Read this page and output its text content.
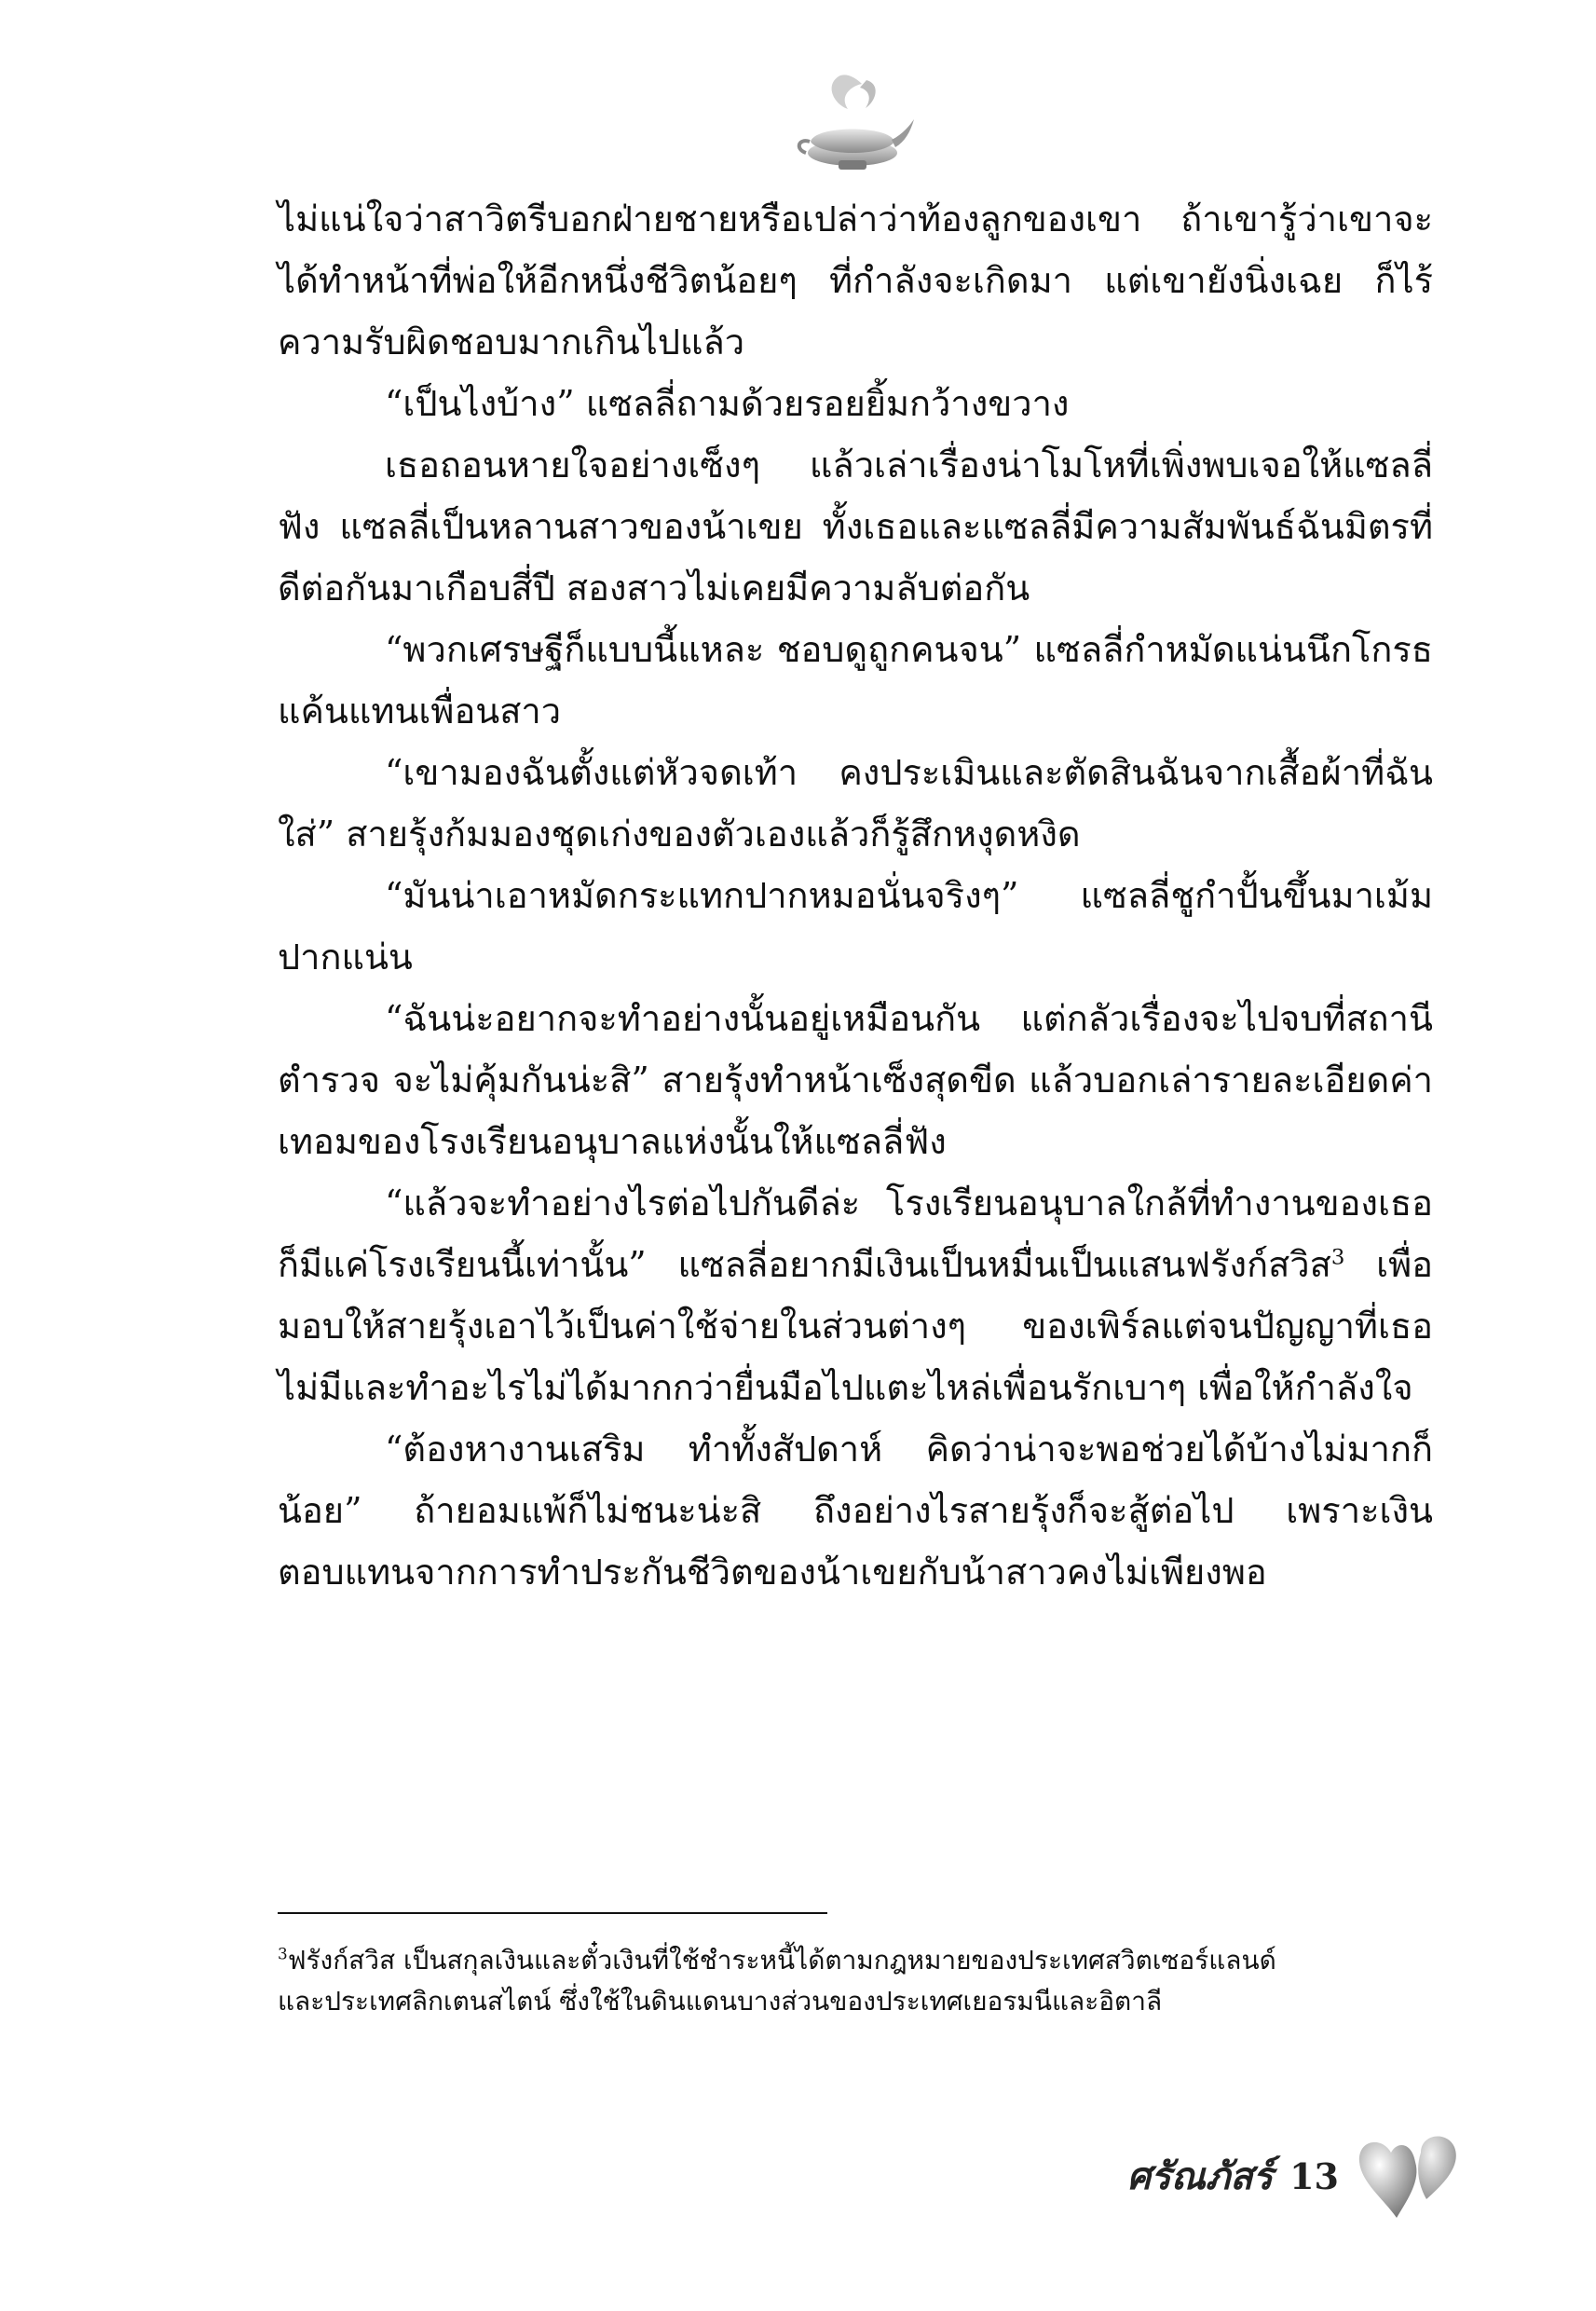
ไม่แน่ใจว่าสาวิตรีบอกฝ่ายชายหรือเปล่าว่าท้องลูกของเขา ถ้าเขารู้ว่าเขาจะได้ทำหน้าที่พ่อให้อีกหนึ่งชีวิตน้อยๆ ที่กำลังจะเกิดมา แต่เขายังนิ่งเฉย ก็ไร้ความรับผิดชอบมากเกินไปแล้ว

“เป็นไงบ้าง” แซลลี่ถามด้วยรอยยิ้มกว้างขวาง

เธอถอนหายใจอย่างเซ็งๆ แล้วเล่าเรื่องน่าโมโหที่เพิ่งพบเจอให้แซลลี่ฟัง แซลลี่เป็นหลานสาวของน้าเขย ทั้งเธอและแซลลี่มีความสัมพันธ์ฉันมิตรที่ดีต่อกันมาเกือบสี่ปี สองสาวไม่เคยมีความลับต่อกัน

“พวกเศรษฐีก็แบบนี้แหละ ชอบดูถูกคนจน” แซลลี่กำหมัดแน่นนึกโกรธแค้นแทนเพื่อนสาว

“เขามองฉันตั้งแต่หัวจดเท้า คงประเมินและตัดสินฉันจากเสื้อผ้าที่ฉันใส่” สายรุ้งก้มมองชุดเก่งของตัวเองแล้วก็รู้สึกหงุดหงิด

“มันน่าเอาหมัดกระแทกปากหมอนั่นจริงๆ” แซลลี่ชูกำปั้นขึ้นมาเม้มปากแน่น

“ฉันน่ะอยากจะทำอย่างนั้นอยู่เหมือนกัน แต่กลัวเรื่องจะไปจบที่สถานีตำรวจ จะไม่คุ้มกันน่ะสิ” สายรุ้งทำหน้าเซ็งสุดขีด แล้วบอกเล่ารายละเอียดค่าเทอมของโรงเรียนอนุบาลแห่งนั้นให้แซลลี่ฟัง

“แล้วจะทำอย่างไรต่อไปกันดีล่ะ โรงเรียนอนุบาลใกล้ที่ทำงานของเธอก็มีแค่โรงเรียนนี้เท่านั้น” แซลลี่อยากมีเงินเป็นหมื่นเป็นแสนฟรังก์สวิส$^3$ เพื่อมอบให้สายรุ้งเอาไว้เป็นค่าใช้จ่ายในส่วนต่างๆ ของเพิร์ลแต่จนปัญญาที่เธอไม่มีและทำอะไรไม่ได้มากกว่ายื่นมือไปแตะไหล่เพื่อนรักเบาๆ เพื่อให้กำลังใจ

“ต้องหางานเสริม ทำทั้งสัปดาห์ คิดว่าน่าจะพอช่วยได้บ้างไม่มากก็น้อย” ถ้ายอมแพ้ก็ไม่ชนะน่ะสิ ถึงอย่างไรสายรุ้งก็จะสู้ต่อไป เพราะเงินตอบแทนจากการทำประกันชีวิตของน้าเขยกับน้าสาวคงไม่เพียงพอ

$^3$ฟรังก์สวิส เป็นสกุลเงินและตั๋วเงินที่ใช้ชำระหนี้ได้ตามกฎหมายของประเทศสวิตเซอร์แลนด์

และประเทศลิกเตนสไตน์ ซึ่งใช้ในดินแดนบางส่วนของประเทศเยอรมนีและอิตาลี

ศรัณภัสร์ 13
